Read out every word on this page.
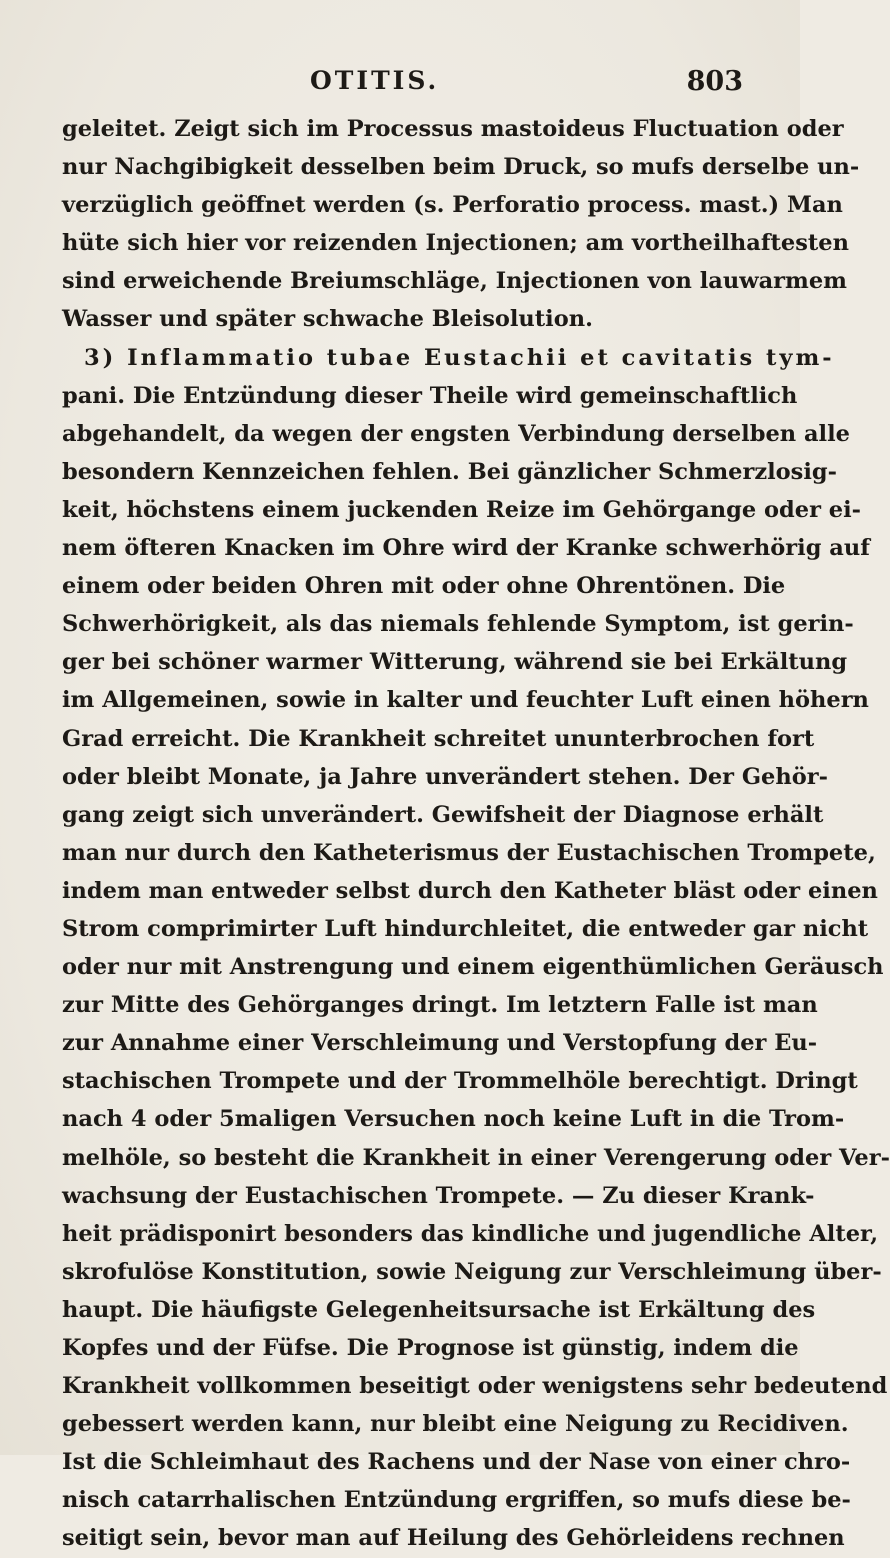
OTITIS.	803
geleitet. Zeigt sich im Processus mastoideus Fluctuation oder
nur Nachgibigkeit desselben beim Druck, so mufs derselbe un-
verzüglich geöffnet werden (s. Perforatio process. mast.) Man
hüte sich hier vor reizenden Injectionen; am vortheilhaftesten
sind erweichende Breiumschläge, Injectionen von lauwarmem
Wasser und später schwache Bleisolution.
3) Inflammatio tubae Eustachii et cavitatis tym-
pani. Die Entzündung dieser Theile wird gemeinschaftlich
abgehandelt, da wegen der engsten Verbindung derselben alle
besondern Kennzeichen fehlen. Bei gänzlicher Schmerzlosig-
keit, höchstens einem juckenden Reize im Gehörgange oder ei-
nem öfteren Knacken im Ohre wird der Kranke schwerhörig auf
einem oder beiden Ohren mit oder ohne Ohrentönen. Die
Schwerhörigkeit, als das niemals fehlende Symptom, ist gerin-
ger bei schöner warmer Witterung, während sie bei Erkältung
im Allgemeinen, sowie in kalter und feuchter Luft einen höhern
Grad erreicht. Die Krankheit schreitet ununterbrochen fort
oder bleibt Monate, ja Jahre unverändert stehen. Der Gehör-
gang zeigt sich unverändert. Gewifsheit der Diagnose erhält
man nur durch den Katheterismus der Eustachischen Trompete,
indem man entweder selbst durch den Katheter bläst oder einen
Strom comprimirter Luft hindurchleitet, die entweder gar nicht
oder nur mit Anstrengung und einem eigenthümlichen Geräusch
zur Mitte des Gehörganges dringt. Im letztern Falle ist man
zur Annahme einer Verschleimung und Verstopfung der Eu-
stachischen Trompete und der Trommelhöle berechtigt. Dringt
nach 4 oder 5maligen Versuchen noch keine Luft in die Trom-
melhöle, so besteht die Krankheit in einer Verengerung oder Ver-
wachsung der Eustachischen Trompete. — Zu dieser Krank-
heit prädisponirt besonders das kindliche und jugendliche Alter,
skrofulöse Konstitution, sowie Neigung zur Verschleimung über-
haupt. Die häufigste Gelegenheitsursache ist Erkältung des
Kopfes und der Füfse. Die Prognose ist günstig, indem die
Krankheit vollkommen beseitigt oder wenigstens sehr bedeutend
gebessert werden kann, nur bleibt eine Neigung zu Recidiven.
Ist die Schleimhaut des Rachens und der Nase von einer chro-
nisch catarrhalischen Entzündung ergriffen, so mufs diese be-
seitigt sein, bevor man auf Heilung des Gehörleidens rechnen
